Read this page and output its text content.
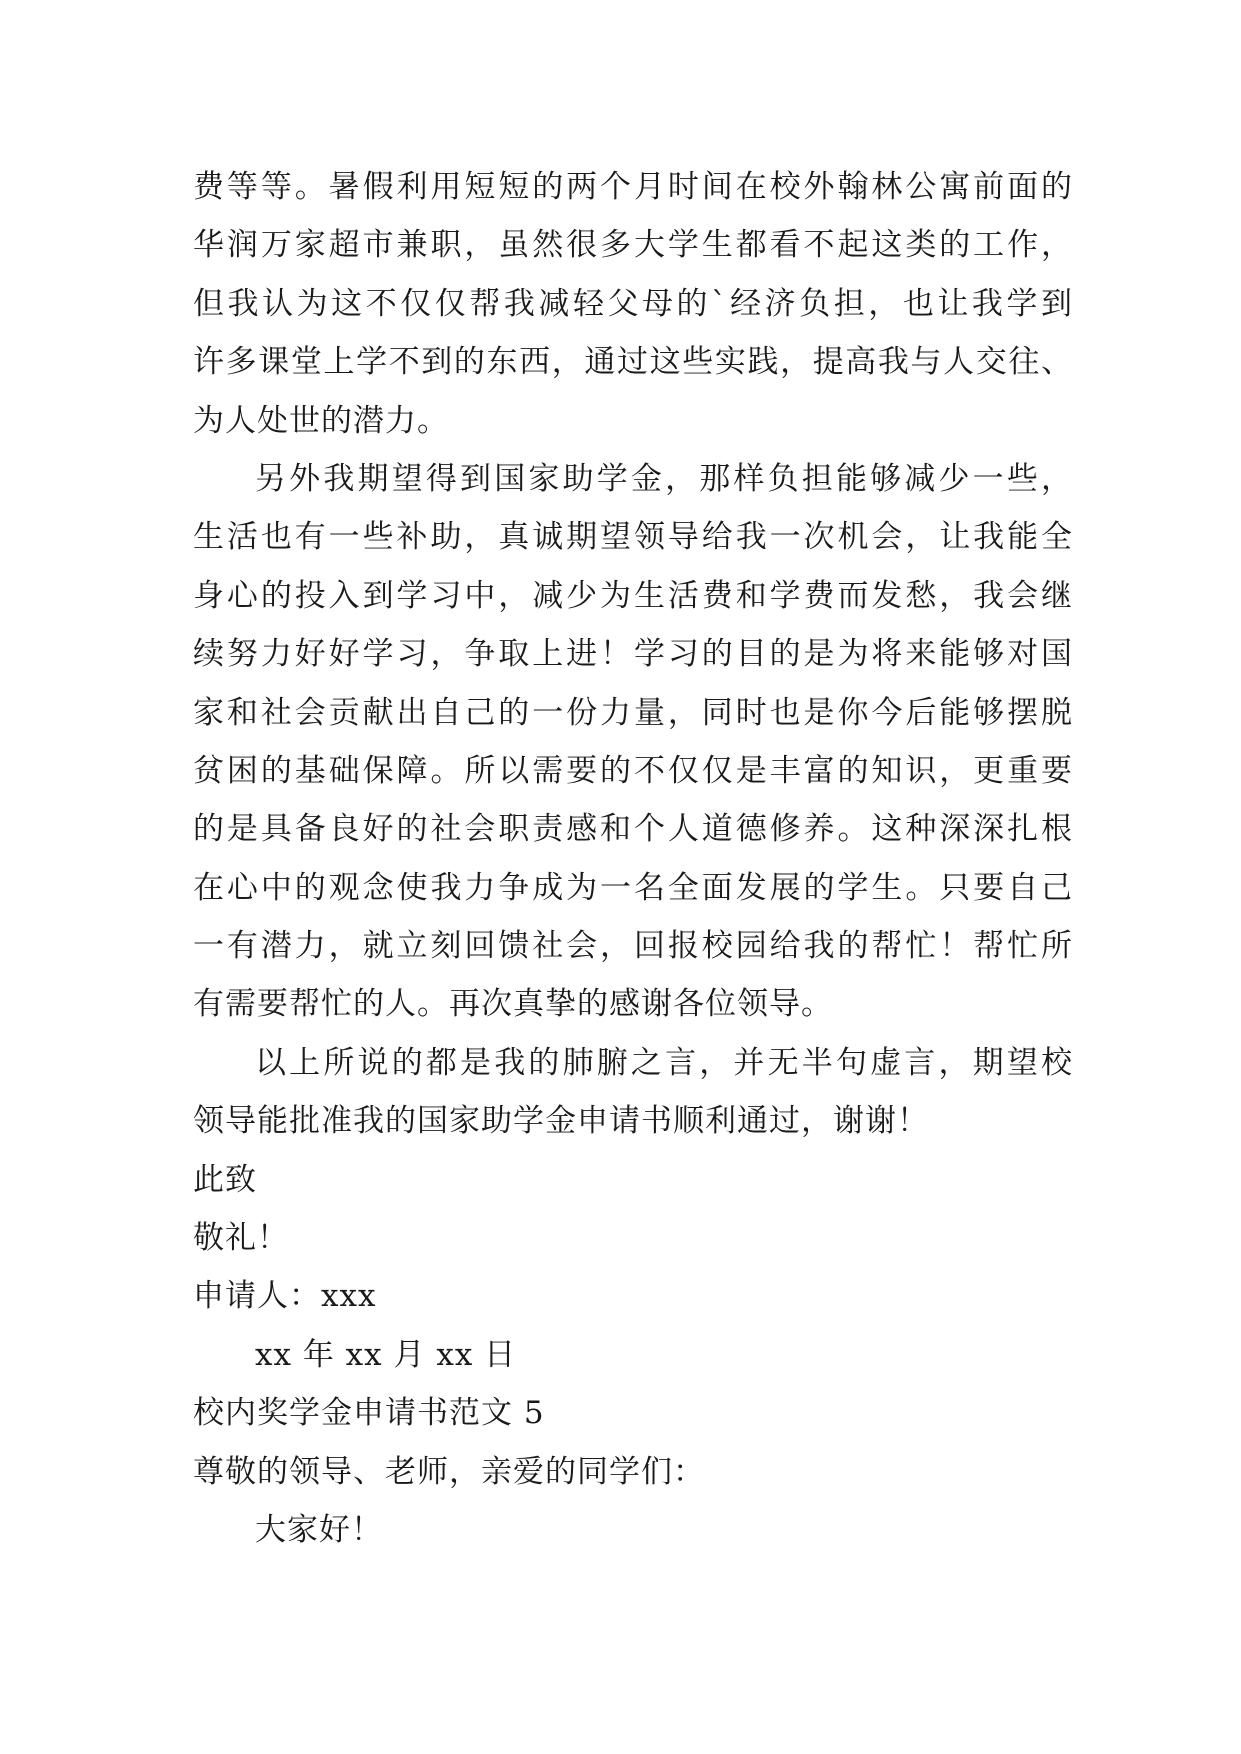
费等等。暑假利用短短的两个月时间在校外翰林公寓前面的
华润万家超市兼职，虽然很多大学生都看不起这类的工作，
但我认为这不仅仅帮我减轻父母的`经济负担，也让我学到
许多课堂上学不到的东西，通过这些实践，提高我与人交往、
为人处世的潜力。
另外我期望得到国家助学金，那样负担能够减少一些，
生活也有一些补助，真诚期望领导给我一次机会，让我能全
身心的投入到学习中，减少为生活费和学费而发愁，我会继
续努力好好学习，争取上进！学习的目的是为将来能够对国
家和社会贡献出自己的一份力量，同时也是你今后能够摆脱
贫困的基础保障。所以需要的不仅仅是丰富的知识，更重要
的是具备良好的社会职责感和个人道德修养。这种深深扎根
在心中的观念使我力争成为一名全面发展的学生。只要自己
一有潜力，就立刻回馈社会，回报校园给我的帮忙！帮忙所
有需要帮忙的人。再次真挚的感谢各位领导。
以上所说的都是我的肺腑之言，并无半句虚言，期望校
领导能批准我的国家助学金申请书顺利通过，谢谢！
此致
敬礼！
申请人：xxx
xx 年 xx 月 xx 日
校内奖学金申请书范文 5
尊敬的领导、老师，亲爱的同学们：
大家好！
